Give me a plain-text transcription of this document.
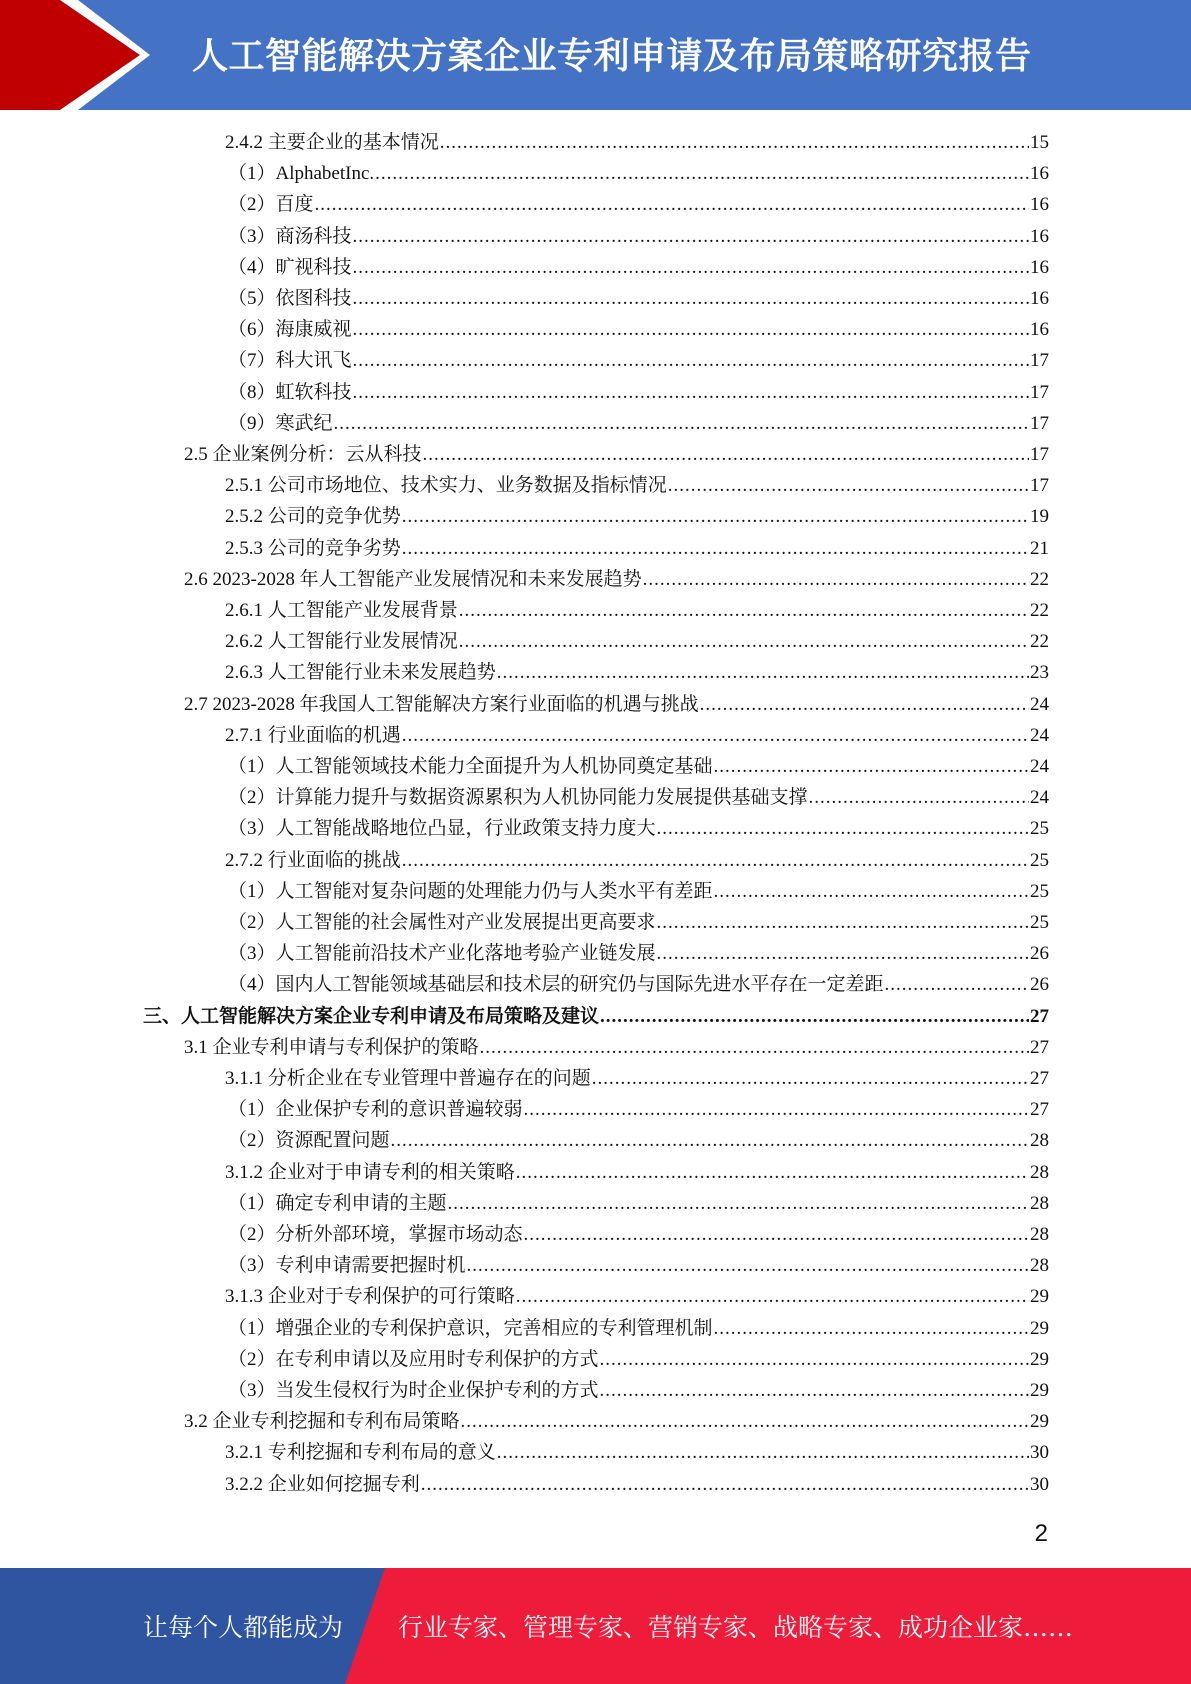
人工智能解决方案企业专利申请及布局策略研究报告
2.4.2 主要企业的基本情况 .....	15
（1）AlphabetInc. .....	16
（2）百度 .....	16
（3）商汤科技 .....	16
（4）旷视科技 .....	16
（5）依图科技 .....	16
（6）海康威视 .....	16
（7）科大讯飞 .....	17
（8）虹软科技 .....	17
（9）寒武纪 .....	17
2.5 企业案例分析：云从科技 .....	17
2.5.1 公司市场地位、技术实力、业务数据及指标情况 .....	17
2.5.2 公司的竞争优势 .....	19
2.5.3 公司的竞争劣势 .....	21
2.6 2023-2028 年人工智能产业发展情况和未来发展趋势 .....	22
2.6.1 人工智能产业发展背景 .....	22
2.6.2 人工智能行业发展情况 .....	22
2.6.3 人工智能行业未来发展趋势 .....	23
2.7 2023-2028 年我国人工智能解决方案行业面临的机遇与挑战 .....	24
2.7.1 行业面临的机遇 .....	24
（1）人工智能领域技术能力全面提升为人机协同奠定基础 .....	24
（2）计算能力提升与数据资源累积为人机协同能力发展提供基础支撑 .....	24
（3）人工智能战略地位凸显，行业政策支持力度大 .....	25
2.7.2 行业面临的挑战 .....	25
（1）人工智能对复杂问题的处理能力仍与人类水平有差距 .....	25
（2）人工智能的社会属性对产业发展提出更高要求 .....	25
（3）人工智能前沿技术产业化落地考验产业链发展 .....	26
（4）国内人工智能领域基础层和技术层的研究仍与国际先进水平存在一定差距 .....	26
三、人工智能解决方案企业专利申请及布局策略及建议 .....	27
3.1 企业专利申请与专利保护的策略 .....	27
3.1.1 分析企业在专业管理中普遍存在的问题 .....	27
（1）企业保护专利的意识普遍较弱 .....	27
（2）资源配置问题 .....	28
3.1.2 企业对于申请专利的相关策略 .....	28
（1）确定专利申请的主题 .....	28
（2）分析外部环境，掌握市场动态 .....	28
（3）专利申请需要把握时机 .....	28
3.1.3 企业对于专利保护的可行策略 .....	29
（1）增强企业的专利保护意识，完善相应的专利管理机制 .....	29
（2）在专利申请以及应用时专利保护的方式 .....	29
（3）当发生侵权行为时企业保护专利的方式 .....	29
3.2 企业专利挖掘和专利布局策略 .....	29
3.2.1 专利挖掘和专利布局的意义 .....	30
3.2.2 企业如何挖掘专利 .....	30
2
让每个人都能成为 行业专家、管理专家、营销专家、战略专家、成功企业家……
